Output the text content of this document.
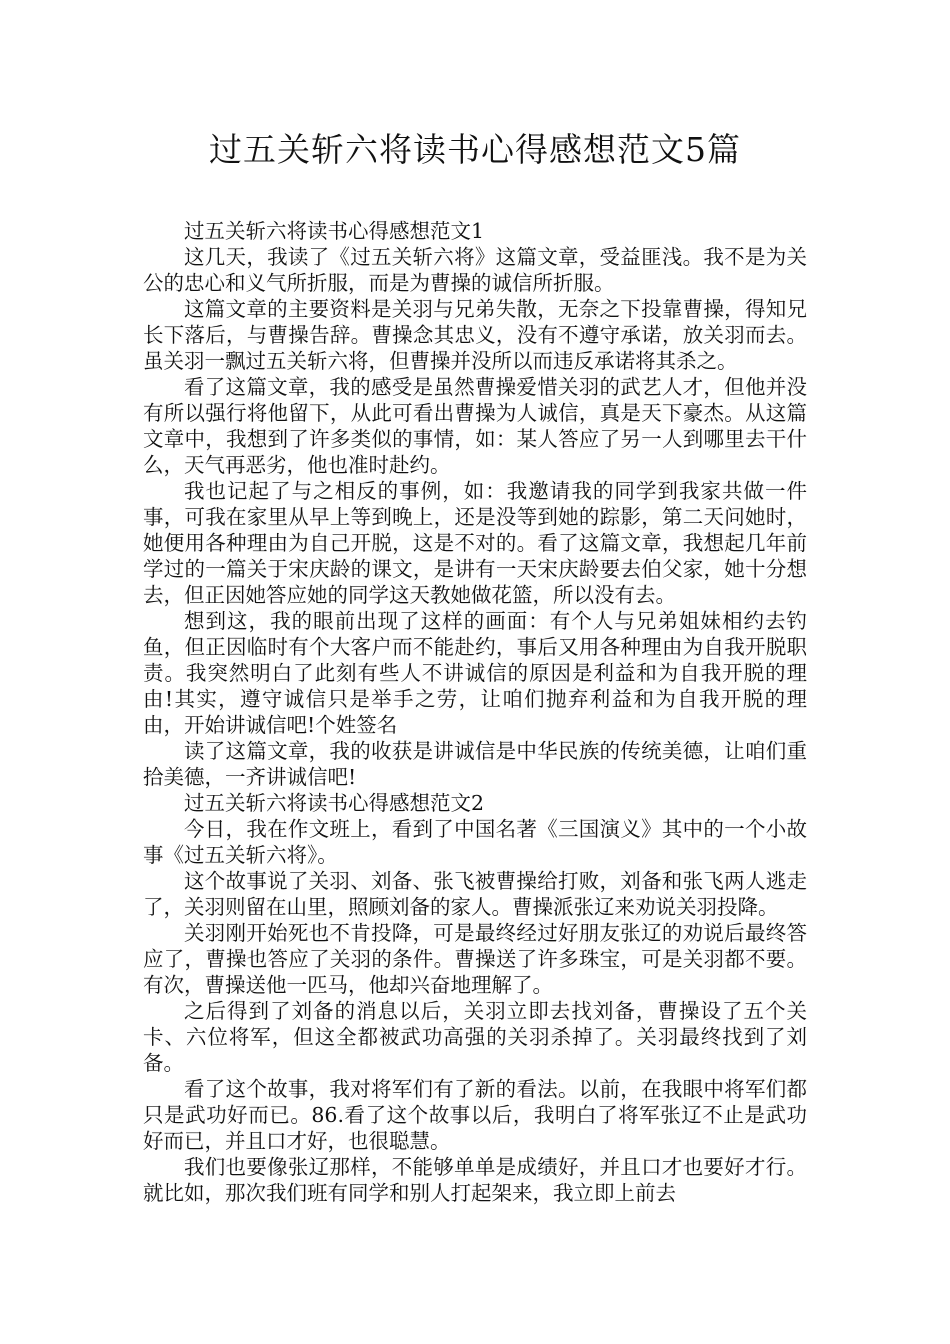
过五关斩六将读书心得感想范文5篇

过五关斩六将读书心得感想范文1

这几天，我读了《过五关斩六将》这篇文章，受益匪浅。我不是为关公的忠心和义气所折服，而是为曹操的诚信所折服。

这篇文章的主要资料是关羽与兄弟失散，无奈之下投靠曹操，得知兄长下落后，与曹操告辞。曹操念其忠义，没有不遵守承诺，放关羽而去。虽关羽一飘过五关斩六将，但曹操并没所以而违反承诺将其杀之。

看了这篇文章，我的感受是虽然曹操爱惜关羽的武艺人才，但他并没有所以强行将他留下，从此可看出曹操为人诚信，真是天下豪杰。从这篇文章中，我想到了许多类似的事情，如：某人答应了另一人到哪里去干什么，天气再恶劣，他也准时赴约。

我也记起了与之相反的事例，如：我邀请我的同学到我家共做一件事，可我在家里从早上等到晚上，还是没等到她的踪影，第二天问她时，她便用各种理由为自己开脱，这是不对的。看了这篇文章，我想起几年前学过的一篇关于宋庆龄的课文，是讲有一天宋庆龄要去伯父家，她十分想去，但正因她答应她的同学这天教她做花篮，所以没有去。

想到这，我的眼前出现了这样的画面：有个人与兄弟姐妹相约去钓鱼，但正因临时有个大客户而不能赴约，事后又用各种理由为自我开脱职责。我突然明白了此刻有些人不讲诚信的原因是利益和为自我开脱的理由!其实，遵守诚信只是举手之劳，让咱们抛弃利益和为自我开脱的理由，开始讲诚信吧!个姓签名

读了这篇文章，我的收获是讲诚信是中华民族的传统美德，让咱们重拾美德，一齐讲诚信吧!

过五关斩六将读书心得感想范文2

今日，我在作文班上，看到了中国名著《三国演义》其中的一个小故事《过五关斩六将》。

这个故事说了关羽、刘备、张飞被曹操给打败，刘备和张飞两人逃走了，关羽则留在山里，照顾刘备的家人。曹操派张辽来劝说关羽投降。

关羽刚开始死也不肯投降，可是最终经过好朋友张辽的劝说后最终答应了，曹操也答应了关羽的条件。曹操送了许多珠宝，可是关羽都不要。有次，曹操送他一匹马，他却兴奋地理解了。

之后得到了刘备的消息以后，关羽立即去找刘备，曹操设了五个关卡、六位将军，但这全都被武功高强的关羽杀掉了。关羽最终找到了刘备。

看了这个故事，我对将军们有了新的看法。以前，在我眼中将军们都只是武功好而已。86.看了这个故事以后，我明白了将军张辽不止是武功好而已，并且口才好，也很聪慧。

我们也要像张辽那样，不能够单单是成绩好，并且口才也要好才行。就比如，那次我们班有同学和别人打起架来，我立即上前去
